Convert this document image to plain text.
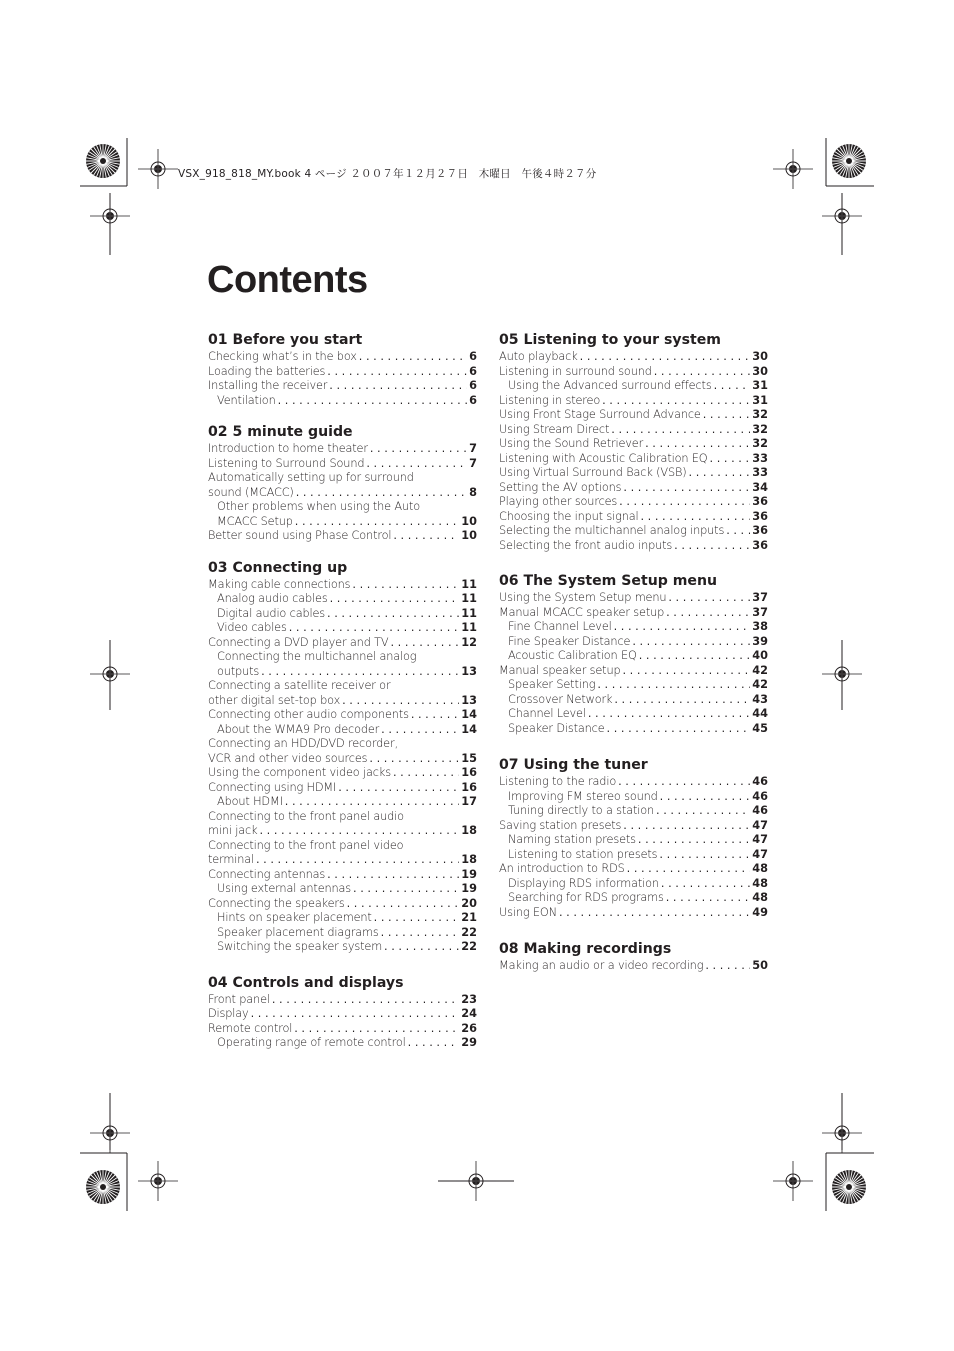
VSX_918_818_MY.book 4 ページ ２００７年１２月２７日　木曜日　午後４時２７分
Contents
01 Before you start
Checking what’s in the box . . .	6
Loading the batteries . . .	6
Installing the receiver . . .	6
Ventilation . . .	6
02 5 minute guide
Introduction to home theater . . .	7
Listening to Surround Sound . . .	7
Automatically setting up for surround
sound (MCACC) . . .	8
Other problems when using the Auto
MCACC Setup . . .	10
Better sound using Phase Control . . .	10
03 Connecting up
Making cable connections . . .	11
Analog audio cables . . .	11
Digital audio cables . . .	11
Video cables . . .	11
Connecting a DVD player and TV . . .	12
Connecting the multichannel analog
outputs . . .	13
Connecting a satellite receiver or
other digital set-top box . . .	13
Connecting other audio components . . .	14
About the WMA9 Pro decoder . . .	14
Connecting an HDD/DVD recorder,
VCR and other video sources . . .	15
Using the component video jacks . . .	16
Connecting using HDMI . . .	16
About HDMI . . .	17
Connecting to the front panel audio
mini jack . . .	18
Connecting to the front panel video
terminal . . .	18
Connecting antennas . . .	19
Using external antennas . . .	19
Connecting the speakers . . .	20
Hints on speaker placement . . .	21
Speaker placement diagrams . . .	22
Switching the speaker system . . .	22
04 Controls and displays
Front panel . . .	23
Display . . .	24
Remote control . . .	26
Operating range of remote control . . .	29
05 Listening to your system
Auto playback . . .	30
Listening in surround sound . . .	30
Using the Advanced surround effects . . .	31
Listening in stereo . . .	31
Using Front Stage Surround Advance . . .	32
Using Stream Direct . . .	32
Using the Sound Retriever . . .	32
Listening with Acoustic Calibration EQ . . .	33
Using Virtual Surround Back (VSB) . . .	33
Setting the AV options . . .	34
Playing other sources . . .	36
Choosing the input signal . . .	36
Selecting the multichannel analog inputs . . . 36
Selecting the front audio inputs . . .	36
06 The System Setup menu
Using the System Setup menu . . .	37
Manual MCACC speaker setup . . .	37
Fine Channel Level . . .	38
Fine Speaker Distance . . .	39
Acoustic Calibration EQ . . .	40
Manual speaker setup . . .	42
Speaker Setting . . .	42
Crossover Network . . .	43
Channel Level . . .	44
Speaker Distance . . .	45
07 Using the tuner
Listening to the radio . . .	46
Improving FM stereo sound . . .	46
Tuning directly to a station . . .	46
Saving station presets . . .	47
Naming station presets . . .	47
Listening to station presets . . .	47
An introduction to RDS . . .	48
Displaying RDS information . . .	48
Searching for RDS programs . . .	48
Using EON . . .	49
08 Making recordings
Making an audio or a video recording . . .	50
